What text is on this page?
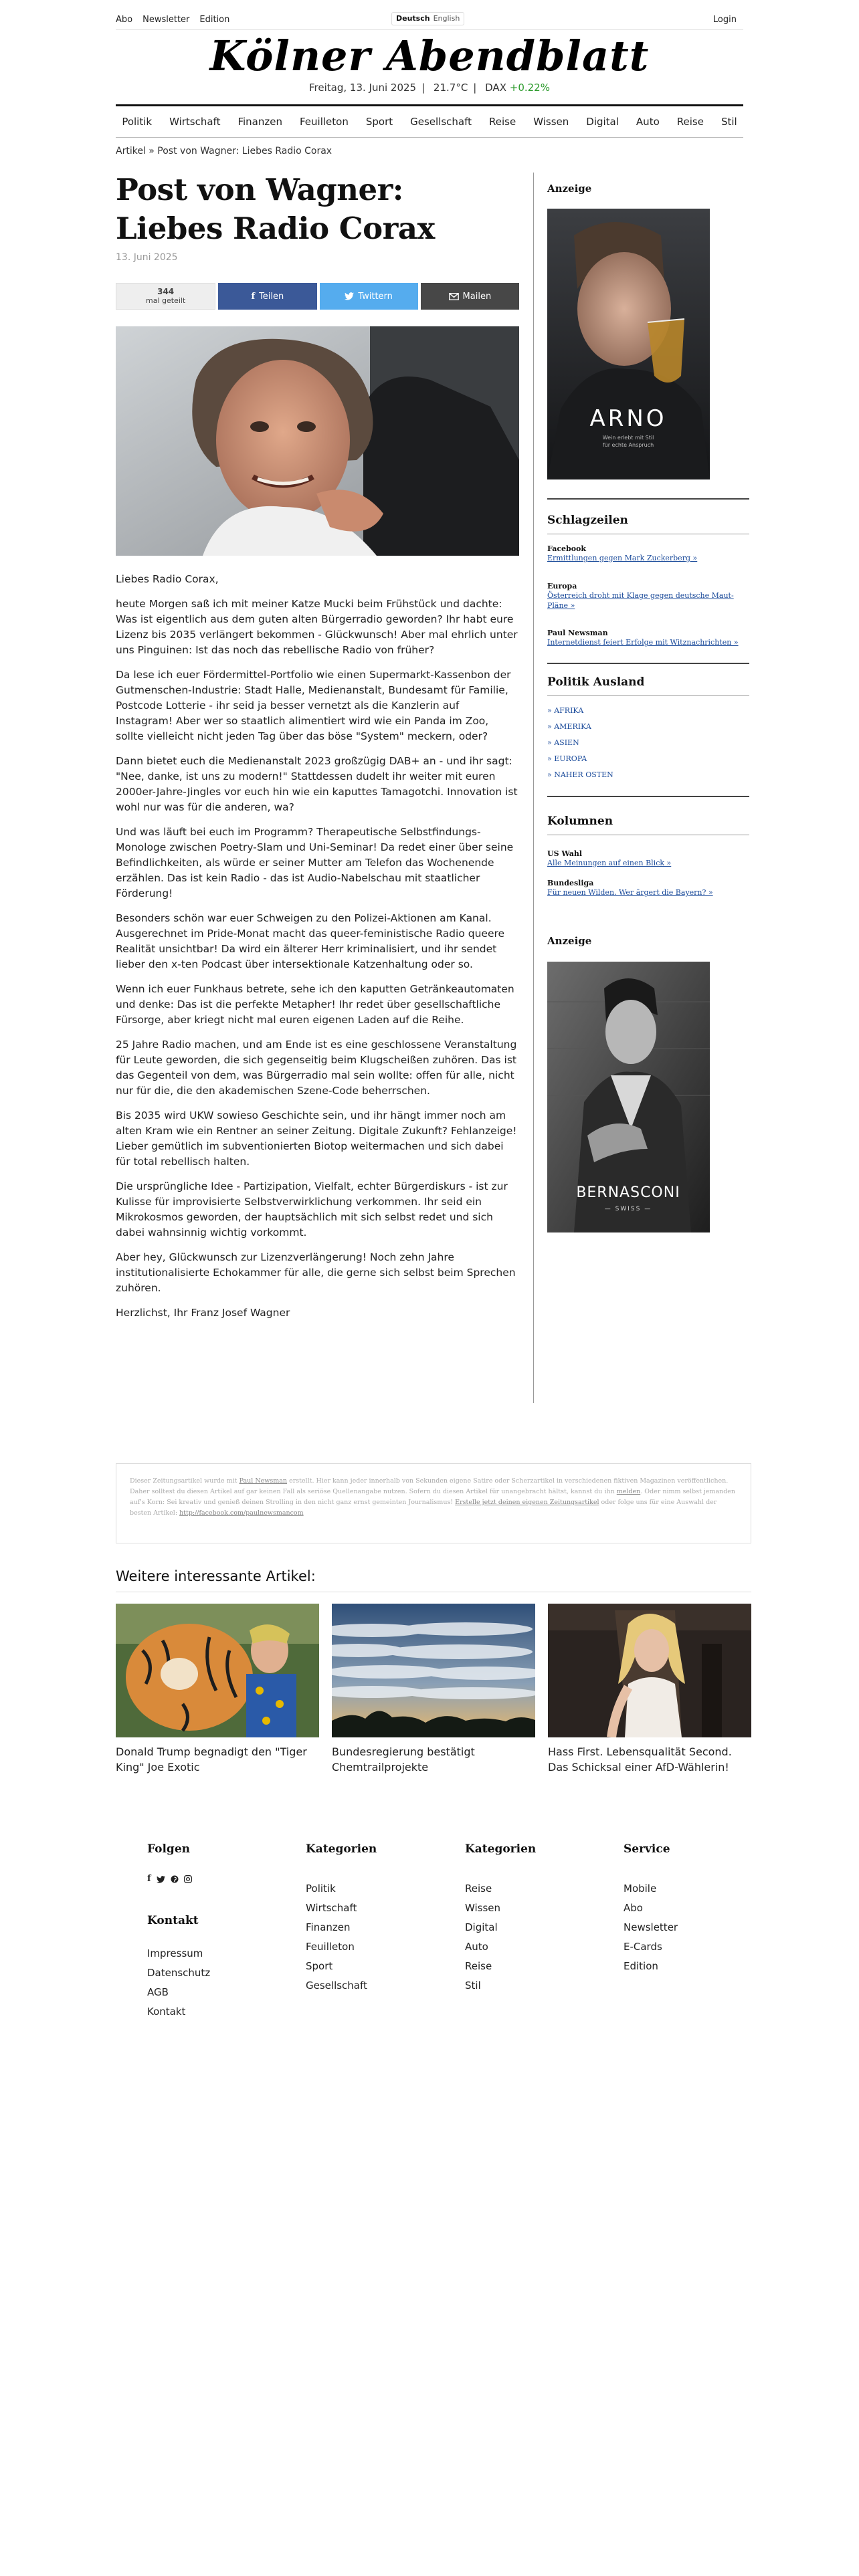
Abo Newsletter Edition	Deutsch English	Login
Kölner Abendblatt
Freitag, 13. Juni 2025 | 21.7°C | DAX +0.22%
Politik	Wirtschaft	Finanzen	Feuilleton	Sport	Gesellschaft	Reise	Wissen	Digital	Auto	Reise	Stil
Artikel » Post von Wagner: Liebes Radio Corax
Post von Wagner: Liebes Radio Corax
13. Juni 2025
344
mal geteilt	f Teilen	Twittern	Mailen

Liebes Radio Corax,

heute Morgen saß ich mit meiner Katze Mucki beim Frühstück und dachte: Was ist eigentlich aus dem guten alten Bürgerradio geworden? Ihr habt eure Lizenz bis 2035 verlängert bekommen - Glückwunsch! Aber mal ehrlich unter uns Pinguinen: Ist das noch das rebellische Radio von früher?

Da lese ich euer Fördermittel-Portfolio wie einen Supermarkt-Kassenbon der Gutmenschen-Industrie: Stadt Halle, Medienanstalt, Bundesamt für Familie, Postcode Lotterie - ihr seid ja besser vernetzt als die Kanzlerin auf Instagram! Aber wer so staatlich alimentiert wird wie ein Panda im Zoo, sollte vielleicht nicht jeden Tag über das böse "System" meckern, oder?

Dann bietet euch die Medienanstalt 2023 großzügig DAB+ an - und ihr sagt: "Nee, danke, ist uns zu modern!" Stattdessen dudelt ihr weiter mit euren 2000er-Jahre-Jingles vor euch hin wie ein kaputtes Tamagotchi. Innovation ist wohl nur was für die anderen, wa?

Und was läuft bei euch im Programm? Therapeutische Selbstfindungs-Monologe zwischen Poetry-Slam und Uni-Seminar! Da redet einer über seine Befindlichkeiten, als würde er seiner Mutter am Telefon das Wochenende erzählen. Das ist kein Radio - das ist Audio-Nabelschau mit staatlicher Förderung!

Besonders schön war euer Schweigen zu den Polizei-Aktionen am Kanal. Ausgerechnet im Pride-Monat macht das queer-feministische Radio queere Realität unsichtbar! Da wird ein älterer Herr kriminalisiert, und ihr sendet lieber den x-ten Podcast über intersektionale Katzenhaltung oder so.

Wenn ich euer Funkhaus betrete, sehe ich den kaputten Getränkeautomaten und denke: Das ist die perfekte Metapher! Ihr redet über gesellschaftliche Fürsorge, aber kriegt nicht mal euren eigenen Laden auf die Reihe.

25 Jahre Radio machen, und am Ende ist es eine geschlossene Veranstaltung für Leute geworden, die sich gegenseitig beim Klugscheißen zuhören. Das ist das Gegenteil von dem, was Bürgerradio mal sein wollte: offen für alle, nicht nur für die, die den akademischen Szene-Code beherrschen.

Bis 2035 wird UKW sowieso Geschichte sein, und ihr hängt immer noch am alten Kram wie ein Rentner an seiner Zeitung. Digitale Zukunft? Fehlanzeige! Lieber gemütlich im subventionierten Biotop weitermachen und sich dabei für total rebellisch halten.

Die ursprüngliche Idee - Partizipation, Vielfalt, echter Bürgerdiskurs - ist zur Kulisse für improvisierte Selbstverwirklichung verkommen. Ihr seid ein Mikrokosmos geworden, der hauptsächlich mit sich selbst redet und sich dabei wahnsinnig wichtig vorkommt.

Aber hey, Glückwunsch zur Lizenzverlängerung! Noch zehn Jahre institutionalisierte Echokammer für alle, die gerne sich selbst beim Sprechen zuhören.

Herzlichst, Ihr Franz Josef Wagner

Anzeige
ARNO
Wein erlebt mit Stil
für echte Anspruch
Schlagzeilen
Facebook
Ermittlungen gegen Mark Zuckerberg »
Europa
Österreich droht mit Klage gegen deutsche Maut-Pläne »
Paul Newsman
Internetdienst feiert Erfolge mit Witznachrichten »
Politik Ausland
» AFRIKA
» AMERIKA
» ASIEN
» EUROPA
» NAHER OSTEN
Kolumnen
US Wahl
Alle Meinungen auf einen Blick »
Bundesliga
Für neuen Wilden. Wer ärgert die Bayern? »
Anzeige
BERNASCONI
— SWISS —
Dieser Zeitungsartikel wurde mit Paul Newsman erstellt. Hier kann jeder innerhalb von Sekunden eigene Satire oder Scherzartikel in verschiedenen fiktiven Magazinen veröffentlichen. Daher solltest du diesen Artikel auf gar keinen Fall als seriöse Quellenangabe nutzen. Sofern du diesen Artikel für unangebracht hältst, kannst du ihn melden. Oder nimm selbst jemanden auf's Korn: Sei kreativ und genieß deinen Strolling in den nicht ganz ernst gemeinten Journalismus! Erstelle jetzt deinen eigenen Zeitungsartikel oder folge uns für eine Auswahl der besten Artikel: http://facebook.com/paulnewsmancom
Weitere interessante Artikel:
Donald Trump begnadigt den "Tiger King" Joe Exotic
Bundesregierung bestätigt Chemtrailprojekte
Hass First. Lebensqualität Second. Das Schicksal einer AfD-Wählerin!
Folgen
f
Kontakt
Impressum
Datenschutz
AGB
Kontakt
Kategorien
Politik
Wirtschaft
Finanzen
Feuilleton
Sport
Gesellschaft
Kategorien
Reise
Wissen
Digital
Auto
Reise
Stil
Service
Mobile
Abo
Newsletter
E-Cards
Edition
